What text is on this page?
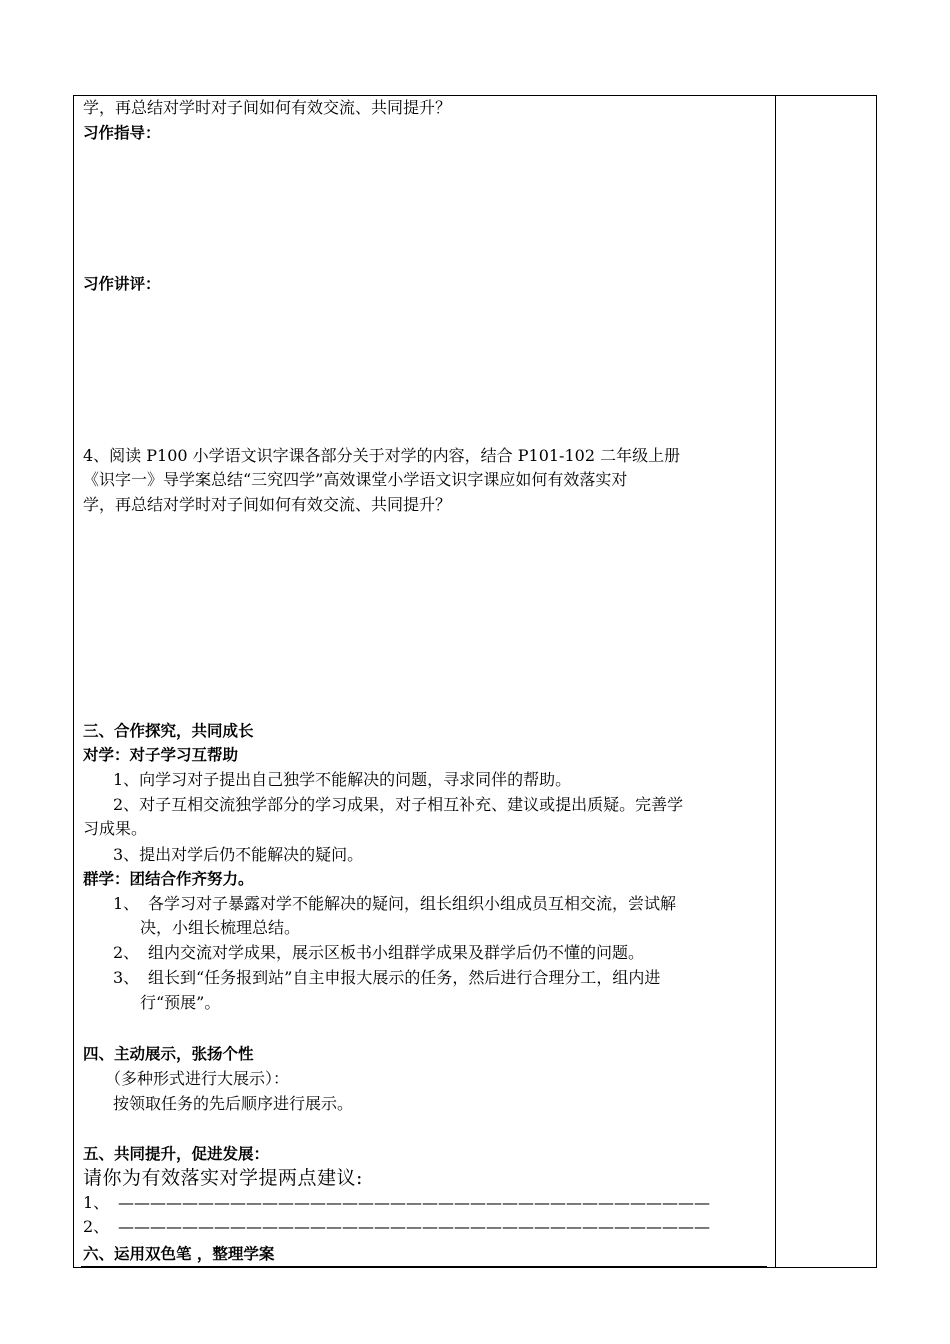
学，再总结对学时对子间如何有效交流、共同提升？
习作指导：
习作讲评：
4、阅读 P100 小学语文识字课各部分关于对学的内容，结合 P101-102 二年级上册
《识字一》导学案总结“三究四学”高效课堂小学语文识字课应如何有效落实对
学，再总结对学时对子间如何有效交流、共同提升？
三、合作探究，共同成长
对学：对子学习互帮助
1、向学习对子提出自己独学不能解决的问题，寻求同伴的帮助。
2、对子互相交流独学部分的学习成果，对子相互补充、建议或提出质疑。完善学
习成果。
3、提出对学后仍不能解决的疑问。
群学：团结合作齐努力。
1、 各学习对子暴露对学不能解决的疑问，组长组织小组成员互相交流，尝试解
决，小组长梳理总结。
2、 组内交流对学成果，展示区板书小组群学成果及群学后仍不懂的问题。
3、 组长到“任务报到站”自主申报大展示的任务，然后进行合理分工，组内进
行“预展”。
四、主动展示，张扬个性
（多种形式进行大展示）：
按领取任务的先后顺序进行展示。
五、共同提升，促进发展：
请你为有效落实对学提两点建议:
1、 —————————————————————————————————————
2、 —————————————————————————————————————
六、运用双色笔 ，整理学案
